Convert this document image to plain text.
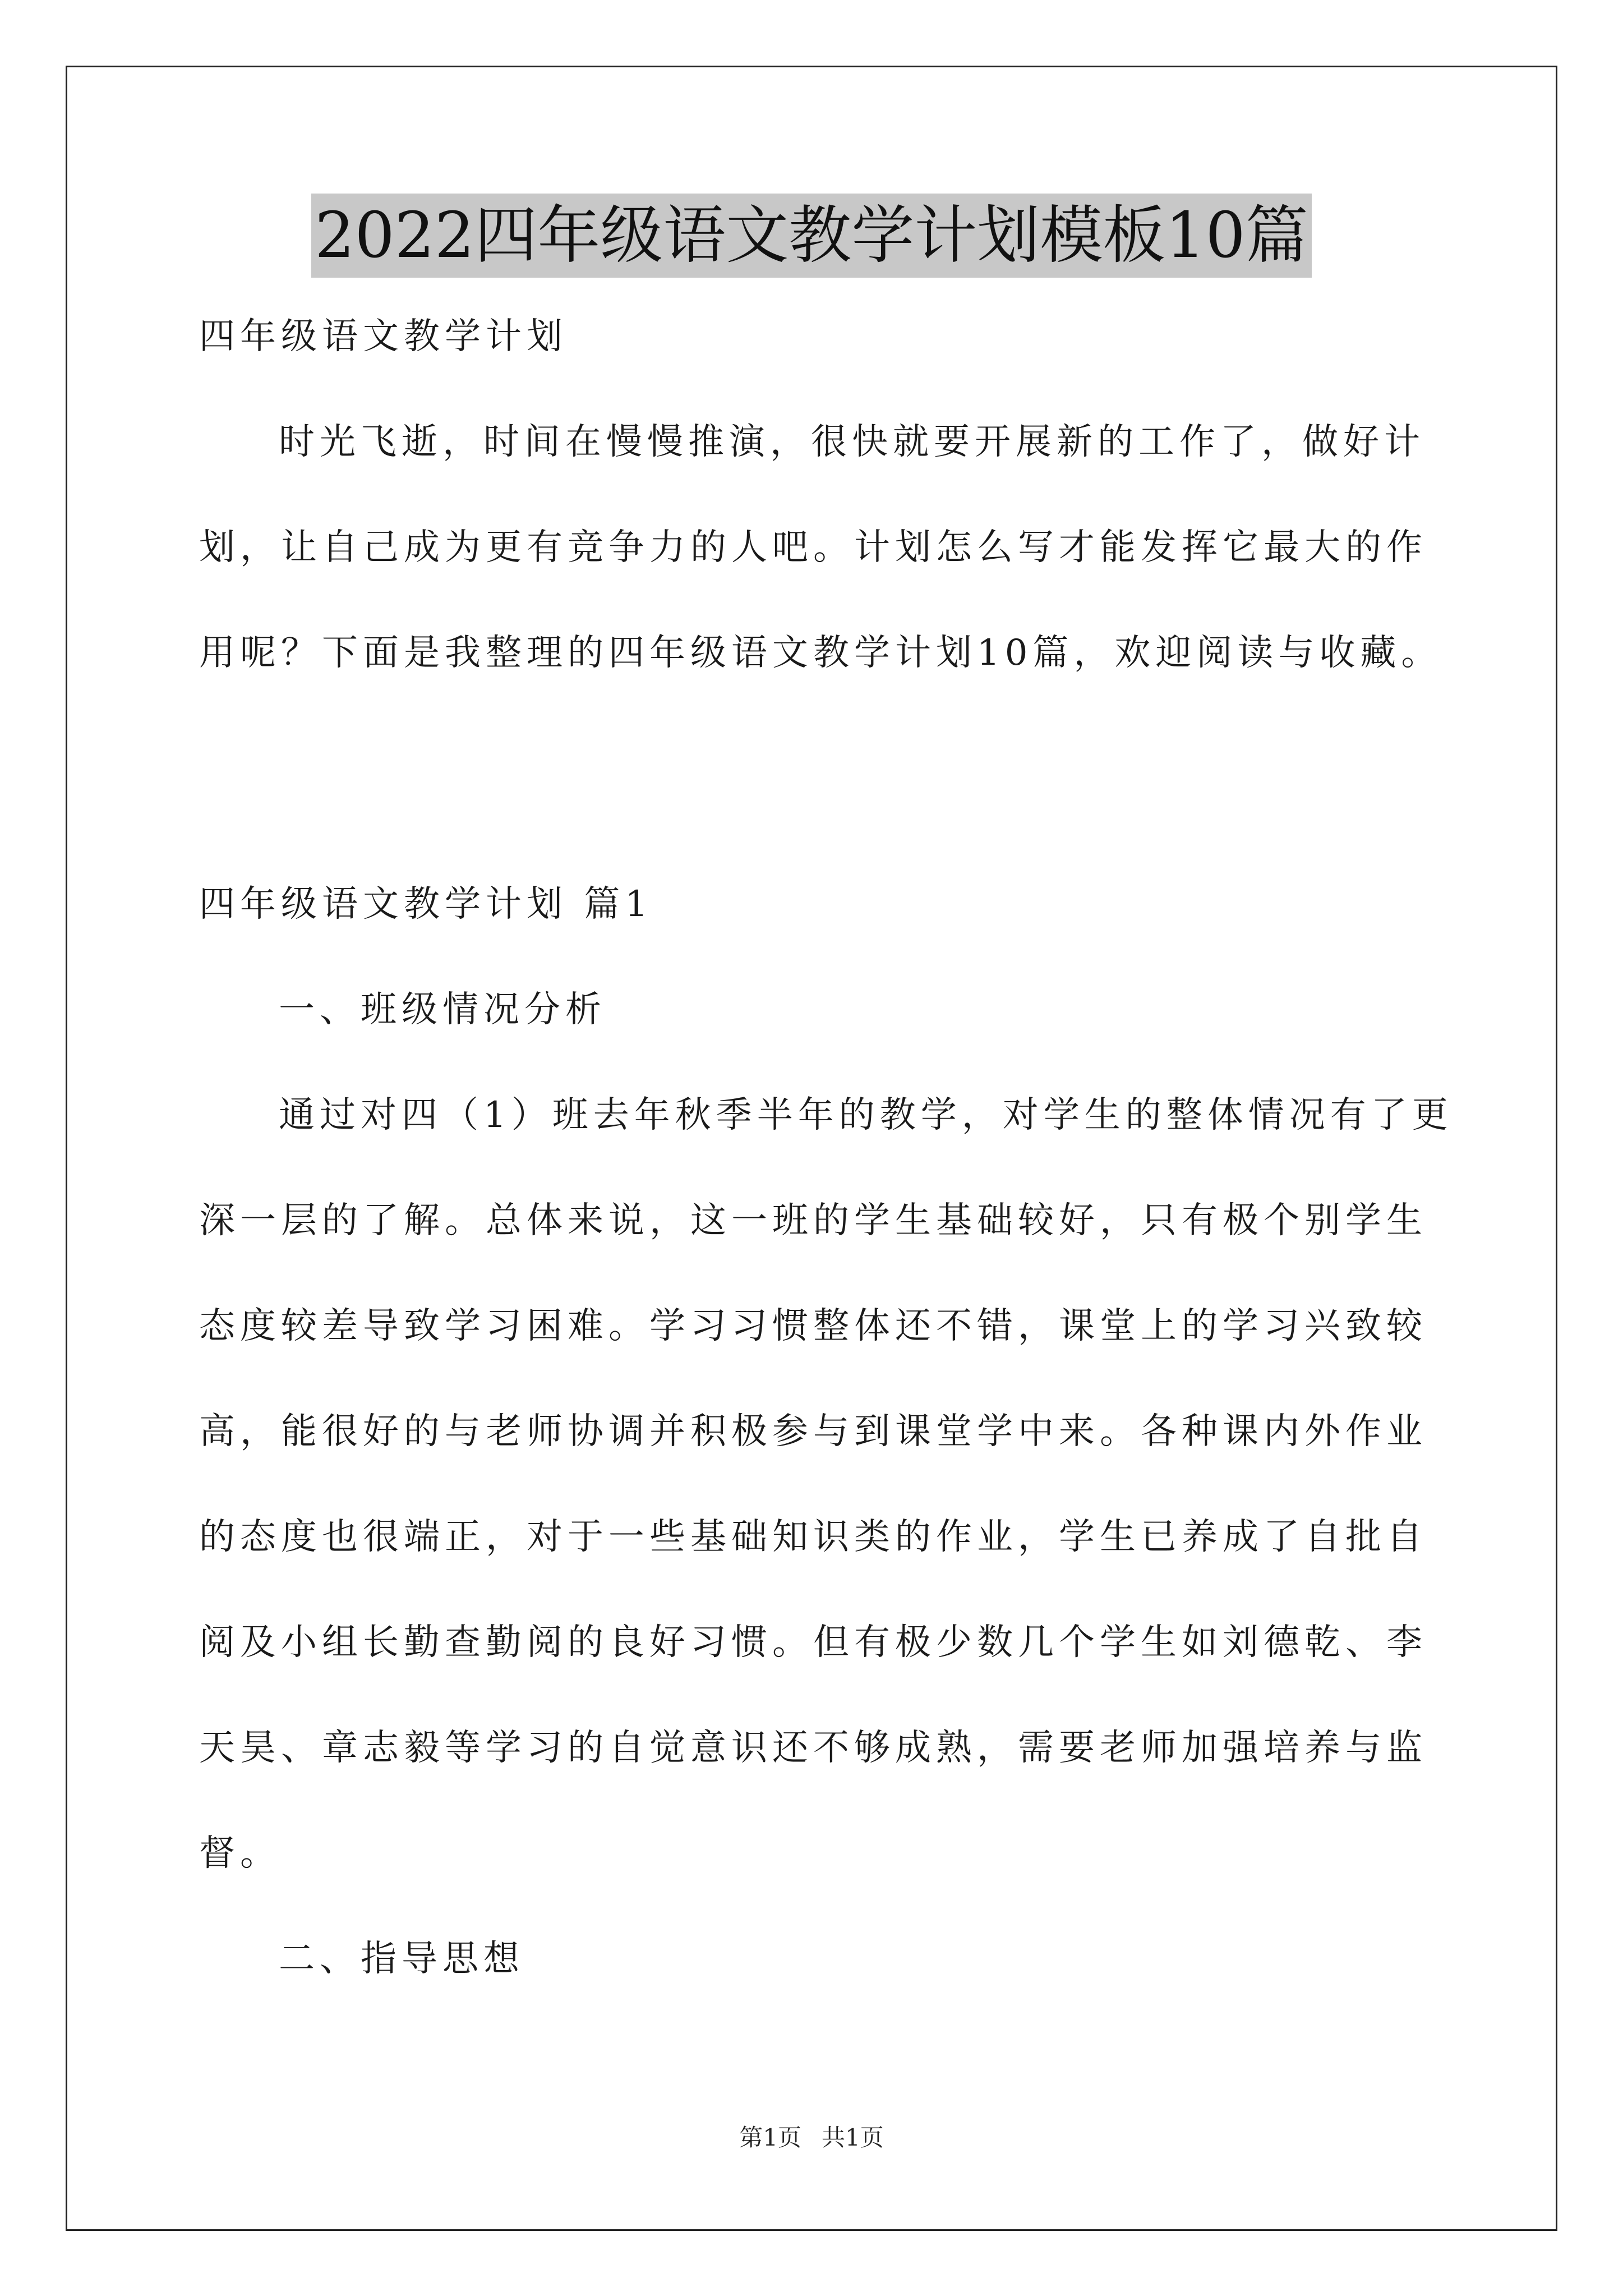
2022四年级语文教学计划模板10篇
四年级语文教学计划
时光飞逝，时间在慢慢推演，很快就要开展新的工作了，做好计
划，让自己成为更有竞争力的人吧。计划怎么写才能发挥它最大的作
用呢？下面是我整理的四年级语文教学计划10篇，欢迎阅读与收藏。
四年级语文教学计划 篇1
一、班级情况分析
通过对四（1）班去年秋季半年的教学，对学生的整体情况有了更
深一层的了解。总体来说，这一班的学生基础较好，只有极个别学生
态度较差导致学习困难。学习习惯整体还不错，课堂上的学习兴致较
高，能很好的与老师协调并积极参与到课堂学中来。各种课内外作业
的态度也很端正，对于一些基础知识类的作业，学生已养成了自批自
阅及小组长勤查勤阅的良好习惯。但有极少数几个学生如刘德乾、李
天昊、章志毅等学习的自觉意识还不够成熟，需要老师加强培养与监
督。
二、指导思想
第1页 共1页
